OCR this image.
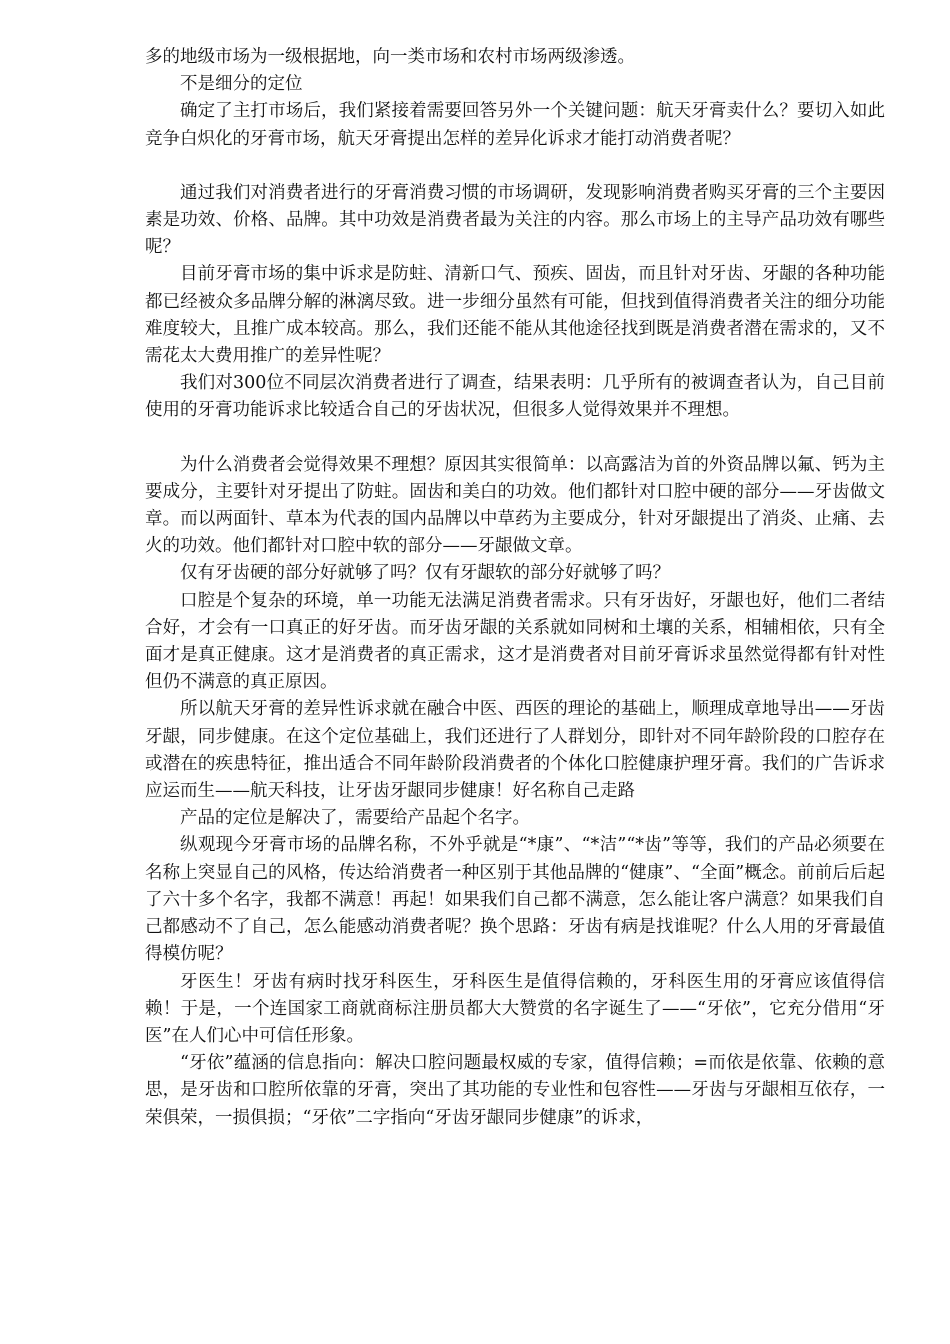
多的地级市场为一级根据地，向一类市场和农村市场两级渗透。

不是细分的定位

确定了主打市场后，我们紧接着需要回答另外一个关键问题：航天牙膏卖什么？要切入如此竞争白炽化的牙膏市场，航天牙膏提出怎样的差异化诉求才能打动消费者呢？

通过我们对消费者进行的牙膏消费习惯的市场调研，发现影响消费者购买牙膏的三个主要因素是功效、价格、品牌。其中功效是消费者最为关注的内容。那么市场上的主导产品功效有哪些呢？

目前牙膏市场的集中诉求是防蛀、清新口气、预疾、固齿，而且针对牙齿、牙龈的各种功能都已经被众多品牌分解的淋漓尽致。进一步细分虽然有可能，但找到值得消费者关注的细分功能难度较大，且推广成本较高。那么，我们还能不能从其他途径找到既是消费者潜在需求的，又不需花太大费用推广的差异性呢？

我们对300位不同层次消费者进行了调查，结果表明：几乎所有的被调查者认为，自己目前使用的牙膏功能诉求比较适合自己的牙齿状况，但很多人觉得效果并不理想。

为什么消费者会觉得效果不理想？原因其实很简单：以高露洁为首的外资品牌以氟、钙为主要成分，主要针对牙提出了防蛀。固齿和美白的功效。他们都针对口腔中硬的部分——牙齿做文章。而以两面针、草本为代表的国内品牌以中草药为主要成分，针对牙龈提出了消炎、止痛、去火的功效。他们都针对口腔中软的部分——牙龈做文章。

仅有牙齿硬的部分好就够了吗？仅有牙龈软的部分好就够了吗？

口腔是个复杂的环境，单一功能无法满足消费者需求。只有牙齿好，牙龈也好，他们二者结合好，才会有一口真正的好牙齿。而牙齿牙龈的关系就如同树和土壤的关系，相辅相依，只有全面才是真正健康。这才是消费者的真正需求，这才是消费者对目前牙膏诉求虽然觉得都有针对性但仍不满意的真正原因。

所以航天牙膏的差异性诉求就在融合中医、西医的理论的基础上，顺理成章地导出——牙齿牙龈，同步健康。在这个定位基础上，我们还进行了人群划分，即针对不同年龄阶段的口腔存在或潜在的疾患特征，推出适合不同年龄阶段消费者的个体化口腔健康护理牙膏。我们的广告诉求应运而生——航天科技，让牙齿牙龈同步健康！好名称自己走路

产品的定位是解决了，需要给产品起个名字。

纵观现今牙膏市场的品牌名称，不外乎就是“*康”、“*洁”“*齿”等等，我们的产品必须要在名称上突显自己的风格，传达给消费者一种区别于其他品牌的“健康”、“全面”概念。前前后后起了六十多个名字，我都不满意！再起！如果我们自己都不满意，怎么能让客户满意？如果我们自己都感动不了自己，怎么能感动消费者呢？换个思路：牙齿有病是找谁呢？什么人用的牙膏最值得模仿呢？

牙医生！牙齿有病时找牙科医生，牙科医生是值得信赖的，牙科医生用的牙膏应该值得信赖！于是，一个连国家工商就商标注册员都大大赞赏的名字诞生了——“牙依”，它充分借用“牙医”在人们心中可信任形象。

“牙依”蕴涵的信息指向：解决口腔问题最权威的专家，值得信赖；=而依是依靠、依赖的意思，是牙齿和口腔所依靠的牙膏，突出了其功能的专业性和包容性——牙齿与牙龈相互依存，一荣俱荣，一损俱损；“牙依”二字指向“牙齿牙龈同步健康”的诉求，
